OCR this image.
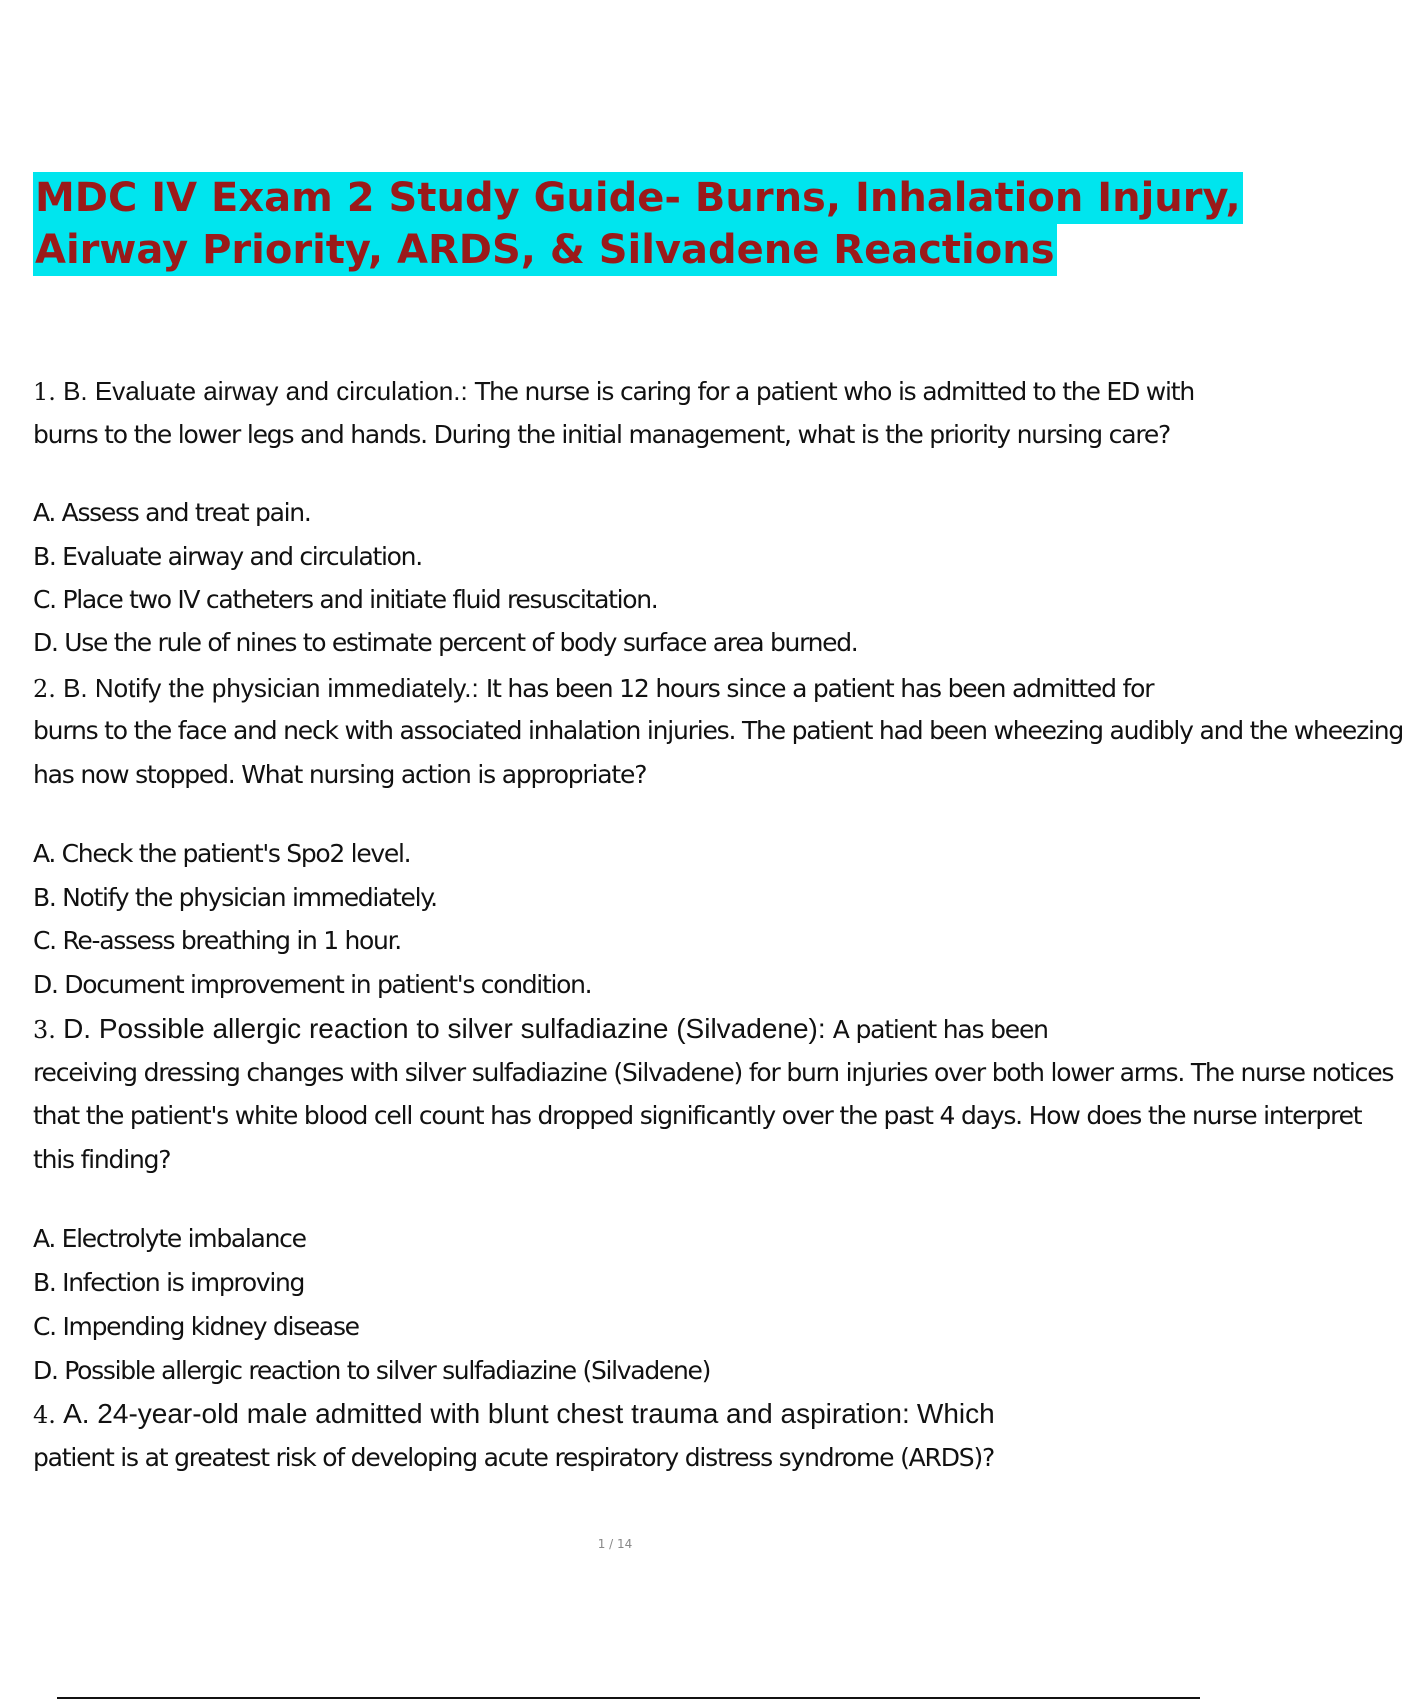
MDC IV Exam 2 Study Guide- Burns, Inhalation Injury,
Airway Priority, ARDS, & Silvadene Reactions
1. B. Evaluate airway and circulation.: The nurse is caring for a patient who is admitted to the ED with
burns to the lower legs and hands. During the initial management, what is the priority nursing care?
A. Assess and treat pain.
B. Evaluate airway and circulation.
C. Place two IV catheters and initiate fluid resuscitation.
D. Use the rule of nines to estimate percent of body surface area burned.
2. B. Notify the physician immediately.: It has been 12 hours since a patient has been admitted for
burns to the face and neck with associated inhalation injuries. The patient had been wheezing audibly and the wheezing
has now stopped. What nursing action is appropriate?
A. Check the patient's Spo2 level.
B. Notify the physician immediately.
C. Re-assess breathing in 1 hour.
D. Document improvement in patient's condition.
3. D. Possible allergic reaction to silver sulfadiazine (Silvadene): A patient has been
receiving dressing changes with silver sulfadiazine (Silvadene) for burn injuries over both lower arms. The nurse notices
that the patient's white blood cell count has dropped significantly over the past 4 days. How does the nurse interpret
this finding?
A. Electrolyte imbalance
B. Infection is improving
C. Impending kidney disease
D. Possible allergic reaction to silver sulfadiazine (Silvadene)
4. A. 24-year-old male admitted with blunt chest trauma and aspiration: Which
patient is at greatest risk of developing acute respiratory distress syndrome (ARDS)?
1 / 14
